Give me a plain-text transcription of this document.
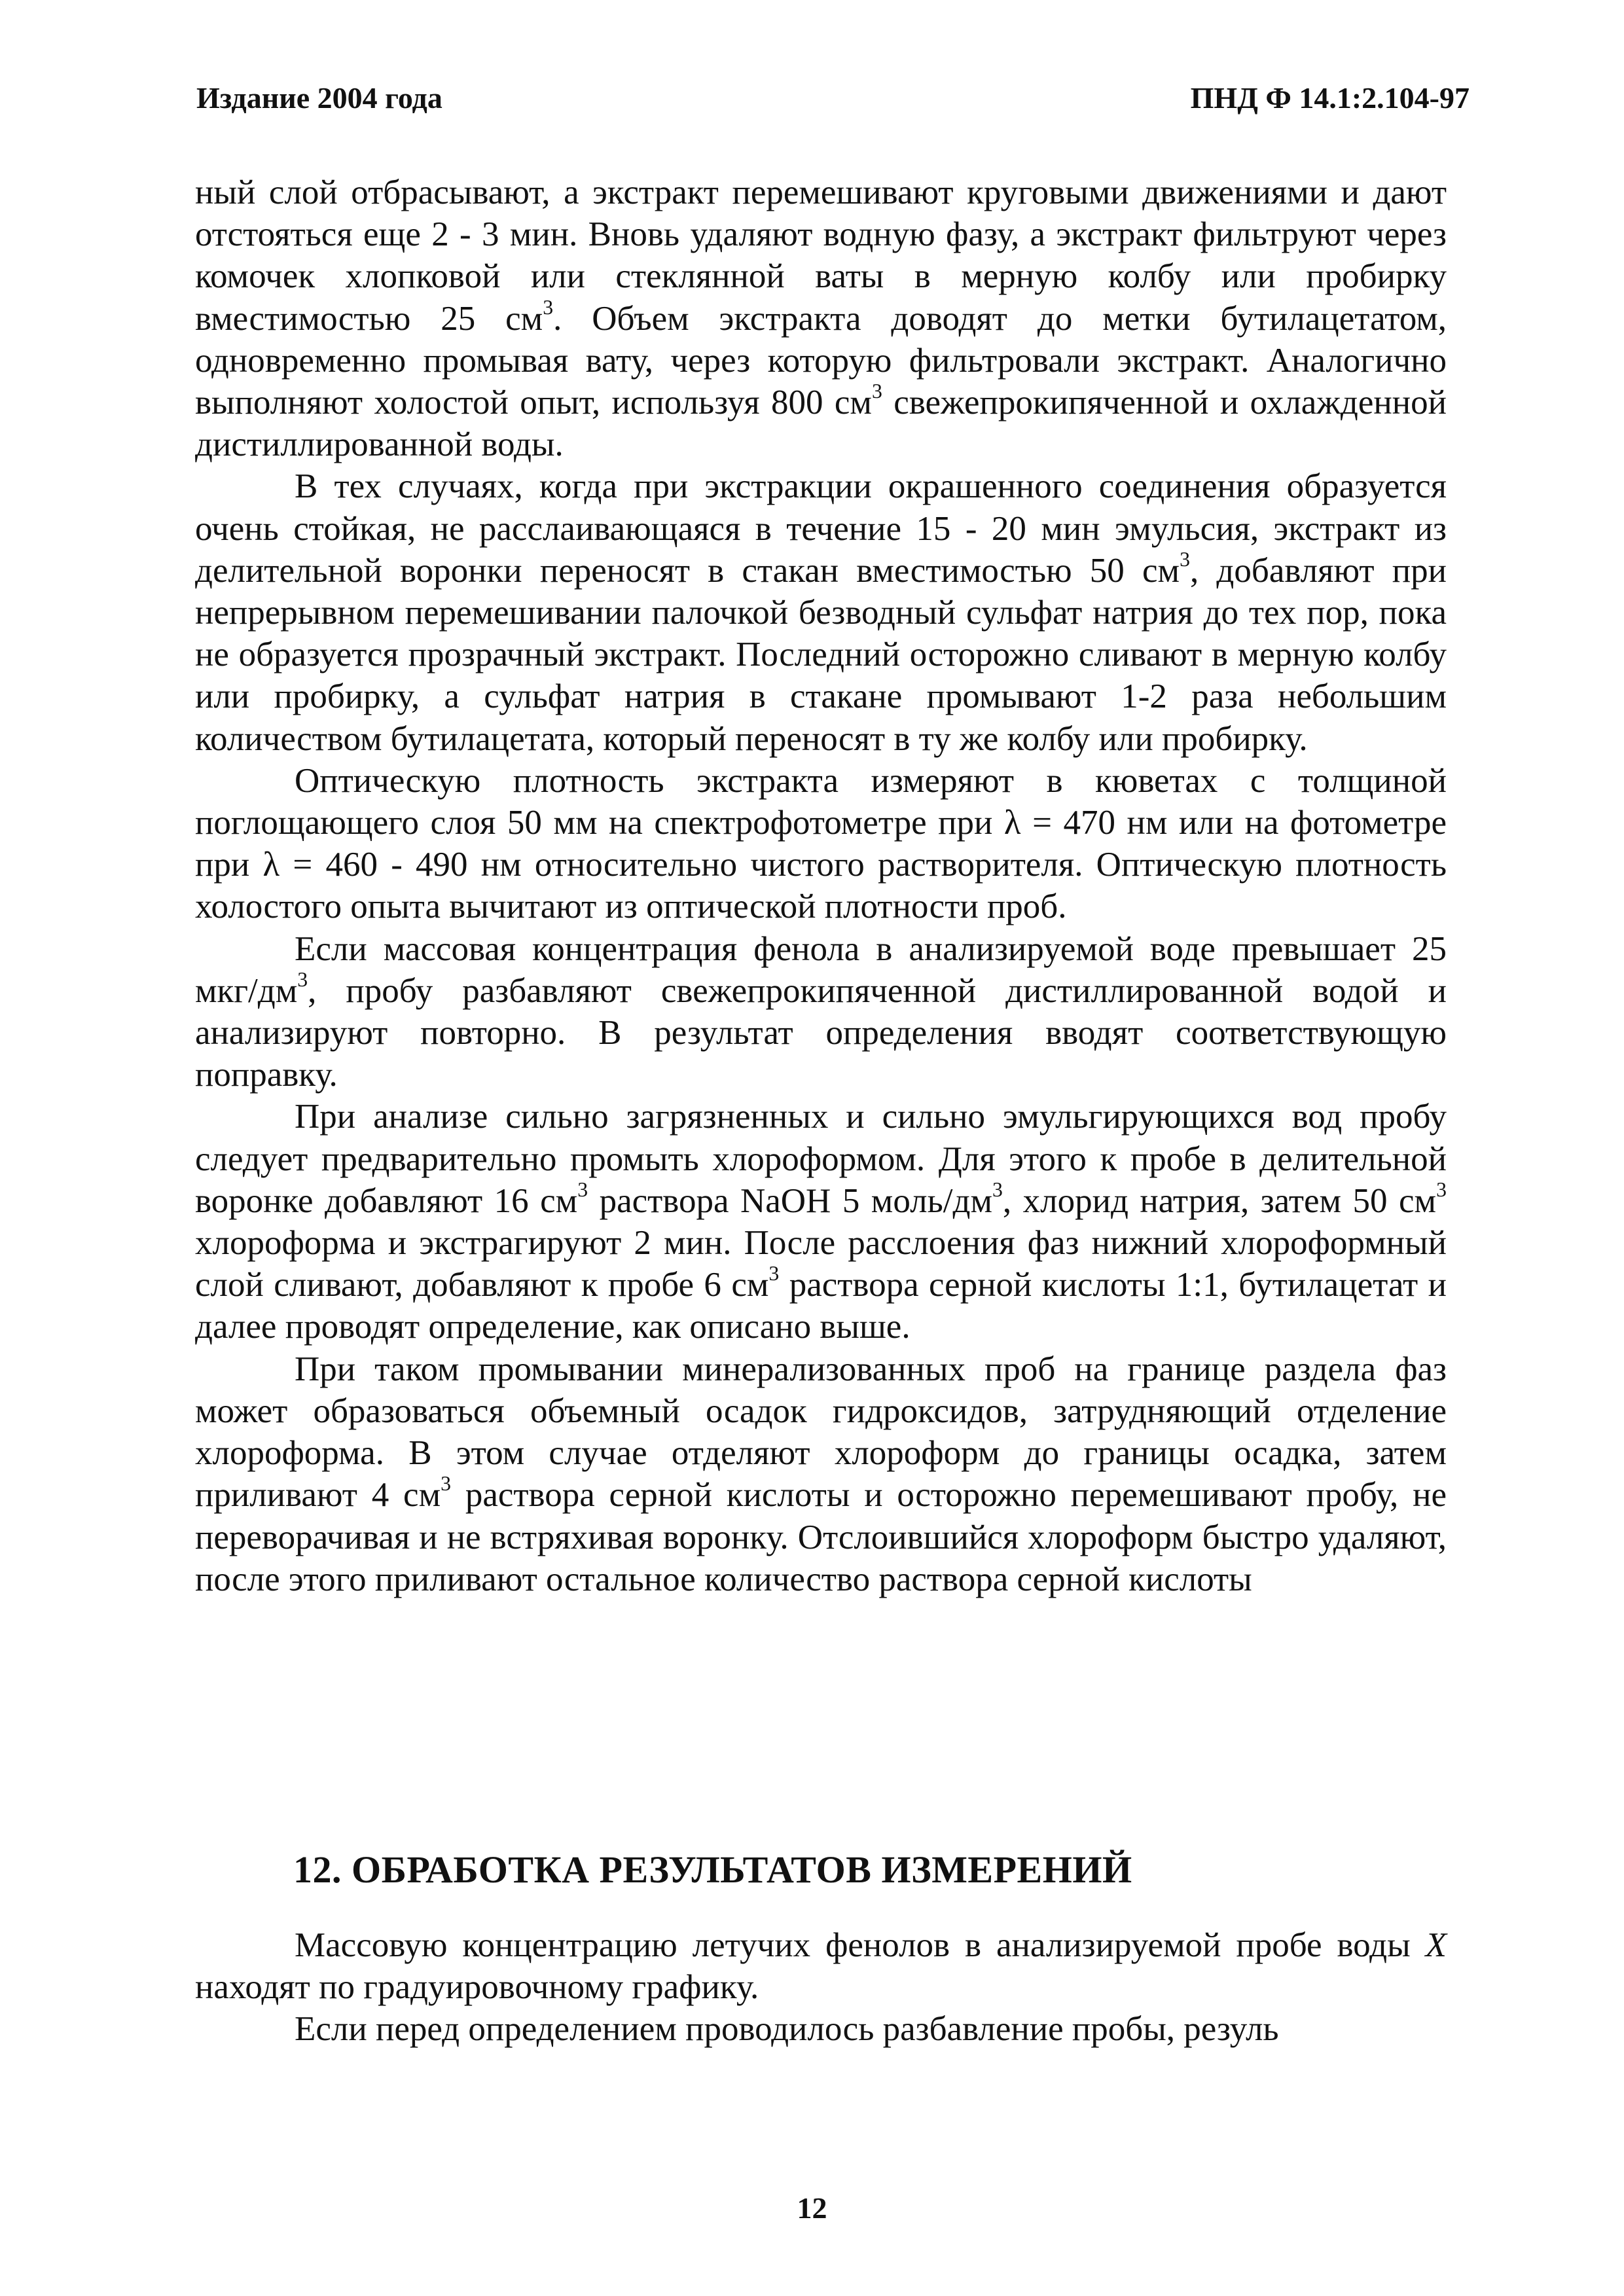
Издание 2004 года	ПНД Ф 14.1:2.104-97

ный слой отбрасывают, а экстракт перемешивают круговыми движениями и дают отстояться еще 2 - 3 мин. Вновь удаляют водную фазу, а экстракт фильтруют через комочек хлопковой или стеклянной ваты в мерную колбу или пробирку вместимостью 25 $см^3$. Объем экстракта доводят до метки бутилацетатом, одновременно промывая вату, через которую фильтровали экстракт. Аналогично выполняют холостой опыт, используя 800 $см^3$ свежепрокипяченной и охлажденной дистиллированной воды.

В тех случаях, когда при экстракции окрашенного соединения образуется очень стойкая, не расслаивающаяся в течение 15 - 20 мин эмульсия, экстракт из делительной воронки переносят в стакан вместимостью 50 $см^3$, добавляют при непрерывном перемешивании палочкой безводный сульфат натрия до тех пор, пока не образуется прозрачный экстракт. Последний осторожно сливают в мерную колбу или пробирку, а сульфат натрия в стакане промывают 1-2 раза небольшим количеством бутилацетата, который переносят в ту же колбу или пробирку.

Оптическую плотность экстракта измеряют в кюветах с толщиной поглощающего слоя 50 мм на спектрофотометре при λ = 470 нм или на фотометре при λ = 460 - 490 нм относительно чистого растворителя. Оптическую плотность холостого опыта вычитают из оптической плотности проб.

Если массовая концентрация фенола в анализируемой воде превышает 25 мкг/$дм^3$, пробу разбавляют свежепрокипяченной дистиллированной водой и анализируют повторно. В результат определения вводят соответствующую поправку.

При анализе сильно загрязненных и сильно эмульгирующихся вод пробу следует предварительно промыть хлороформом. Для этого к пробе в делительной воронке добавляют 16 $см^3$ раствора NaOH 5 моль/$дм^3$, хлорид натрия, затем 50 $см^3$ хлороформа и экстрагируют 2 мин. После расслоения фаз нижний хлороформный слой сливают, добавляют к пробе 6 $см^3$ раствора серной кислоты 1:1, бутилацетат и далее проводят определение, как описано выше.

При таком промывании минерализованных проб на границе раздела фаз может образоваться объемный осадок гидроксидов, затрудняющий отделение хлороформа. В этом случае отделяют хлороформ до границы осадка, затем приливают 4 $см^3$ раствора серной кислоты и осторожно перемешивают пробу, не переворачивая и не встряхивая воронку. Отслоившийся хлороформ быстро удаляют, после этого приливают остальное количество раствора серной кислоты

12. ОБРАБОТКА РЕЗУЛЬТАТОВ ИЗМЕРЕНИЙ

Массовую концентрацию летучих фенолов в анализируемой пробе воды X находят по градуировочному графику.

Если перед определением проводилось разбавление пробы, резуль

12
